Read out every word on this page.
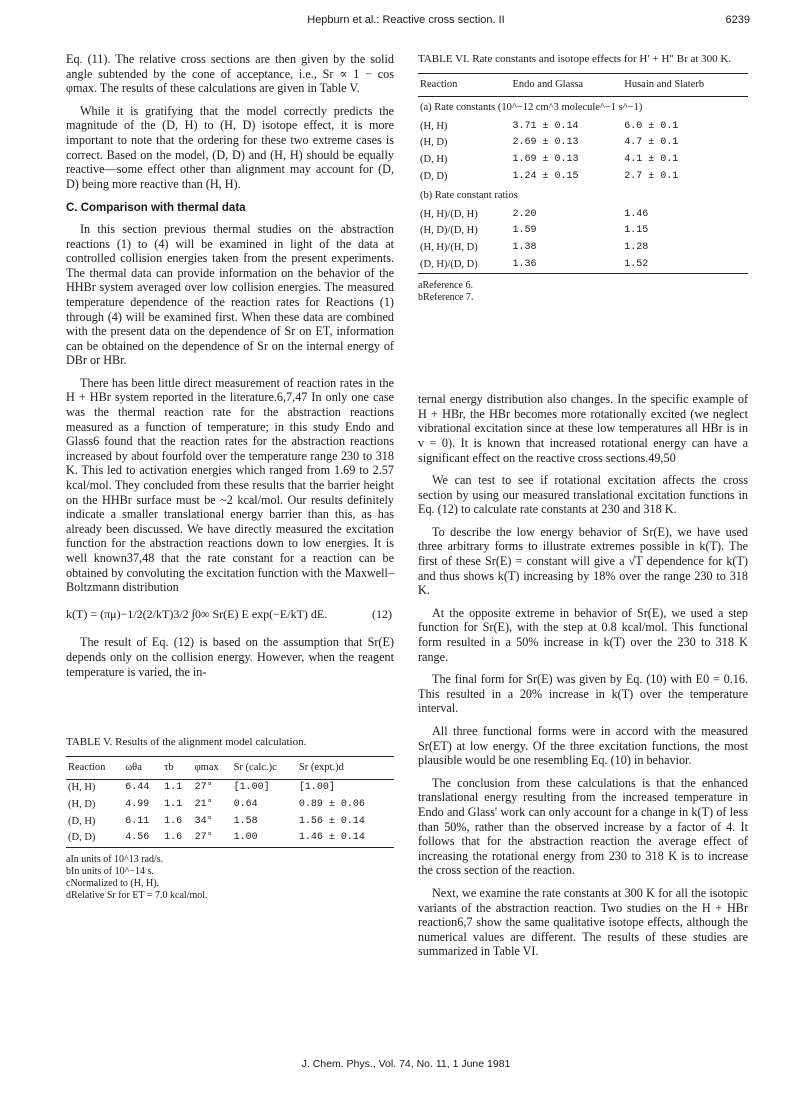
Hepburn et al.: Reactive cross section. II	6239

Eq. (11). The relative cross sections are then given by the solid angle subtended by the cone of acceptance, i.e., Sr ∝ 1 − cos φmax. The results of these calculations are given in Table V.

While it is gratifying that the model correctly predicts the magnitude of the (D, H) to (H, D) isotope effect, it is more important to note that the ordering for these two extreme cases is correct. Based on the model, (D, D) and (H, H) should be equally reactive—some effect other than alignment may account for (D, D) being more reactive than (H, H).

C. Comparison with thermal data

In this section previous thermal studies on the abstraction reactions (1) to (4) will be examined in light of the data at controlled collision energies taken from the present experiments. The thermal data can provide information on the behavior of the HHBr system averaged over low collision energies. The measured temperature dependence of the reaction rates for Reactions (1) through (4) will be examined first. When these data are combined with the present data on the dependence of Sr on ET, information can be obtained on the dependence of Sr on the internal energy of DBr or HBr.

There has been little direct measurement of reaction rates in the H + HBr system reported in the literature.6,7,47 In only one case was the thermal reaction rate for the abstraction reactions measured as a function of temperature; in this study Endo and Glass6 found that the reaction rates for the abstraction reactions increased by about fourfold over the temperature range 230 to 318 K. This led to activation energies which ranged from 1.69 to 2.57 kcal/mol. They concluded from these results that the barrier height on the HHBr surface must be ~2 kcal/mol. Our results definitely indicate a smaller translational energy barrier than this, as has already been discussed. We have directly measured the excitation function for the abstraction reactions down to low energies. It is well known37,48 that the rate constant for a reaction can be obtained by convoluting the excitation function with the Maxwell–Boltzmann distribution

k(T) = (πμ)−1/2(2/kT)3/2 ∫0∞ Sr(E) E exp(−E/kT) dE.	(12)

The result of Eq. (12) is based on the assumption that Sr(E) depends only on the collision energy. However, when the reagent temperature is varied, the in-

TABLE V. Results of the alignment model calculation.
Reaction	ωθa	τb	φmax	Sr (calc.)c	Sr (expt.)d
(H, H)	6.44	1.1	27°	[1.00]	[1.00]
(H, D)	4.99	1.1	21°	0.64	0.89 ± 0.06
(D, H)	6.11	1.6	34°	1.58	1.56 ± 0.14
(D, D)	4.56	1.6	27°	1.00	1.46 ± 0.14
aIn units of 10^13 rad/s.
bIn units of 10^−14 s.
cNormalized to (H, H).
dRelative Sr for ET = 7.0 kcal/mol.
TABLE VI. Rate constants and isotope effects for H′ + H″ Br at 300 K.
Reaction	Endo and Glassa	Husain and Slaterb
(a) Rate constants (10^−12 cm^3 molecule^−1 s^−1)		
(H, H)	3.71 ± 0.14	6.0 ± 0.1
(H, D)	2.69 ± 0.13	4.7 ± 0.1
(D, H)	1.69 ± 0.13	4.1 ± 0.1
(D, D)	1.24 ± 0.15	2.7 ± 0.1
(b) Rate constant ratios		
(H, H)/(D, H)	2.20	1.46
(H, D)/(D, H)	1.59	1.15
(H, H)/(H, D)	1.38	1.28
(D, H)/(D, D)	1.36	1.52
aReference 6.
bReference 7.

ternal energy distribution also changes. In the specific example of H + HBr, the HBr becomes more rotationally excited (we neglect vibrational excitation since at these low temperatures all HBr is in v = 0). It is known that increased rotational energy can have a significant effect on the reactive cross sections.49,50

We can test to see if rotational excitation affects the cross section by using our measured translational excitation functions in Eq. (12) to calculate rate constants at 230 and 318 K.

To describe the low energy behavior of Sr(E), we have used three arbitrary forms to illustrate extremes possible in k(T). The first of these Sr(E) = constant will give a √T dependence for k(T) and thus shows k(T) increasing by 18% over the range 230 to 318 K.

At the opposite extreme in behavior of Sr(E), we used a step function for Sr(E), with the step at 0.8 kcal/mol. This functional form resulted in a 50% increase in k(T) over the 230 to 318 K range.

The final form for Sr(E) was given by Eq. (10) with E0 = 0.16. This resulted in a 20% increase in k(T) over the temperature interval.

All three functional forms were in accord with the measured Sr(ET) at low energy. Of the three excitation functions, the most plausible would be one resembling Eq. (10) in behavior.

The conclusion from these calculations is that the enhanced translational energy resulting from the increased temperature in Endo and Glass' work can only account for a change in k(T) of less than 50%, rather than the observed increase by a factor of 4. It follows that for the abstraction reaction the average effect of increasing the rotational energy from 230 to 318 K is to increase the cross section of the reaction.

Next, we examine the rate constants at 300 K for all the isotopic variants of the abstraction reaction. Two studies on the H + HBr reaction6,7 show the same qualitative isotope effects, although the numerical values are different. The results of these studies are summarized in Table VI.

J. Chem. Phys., Vol. 74, No. 11, 1 June 1981
